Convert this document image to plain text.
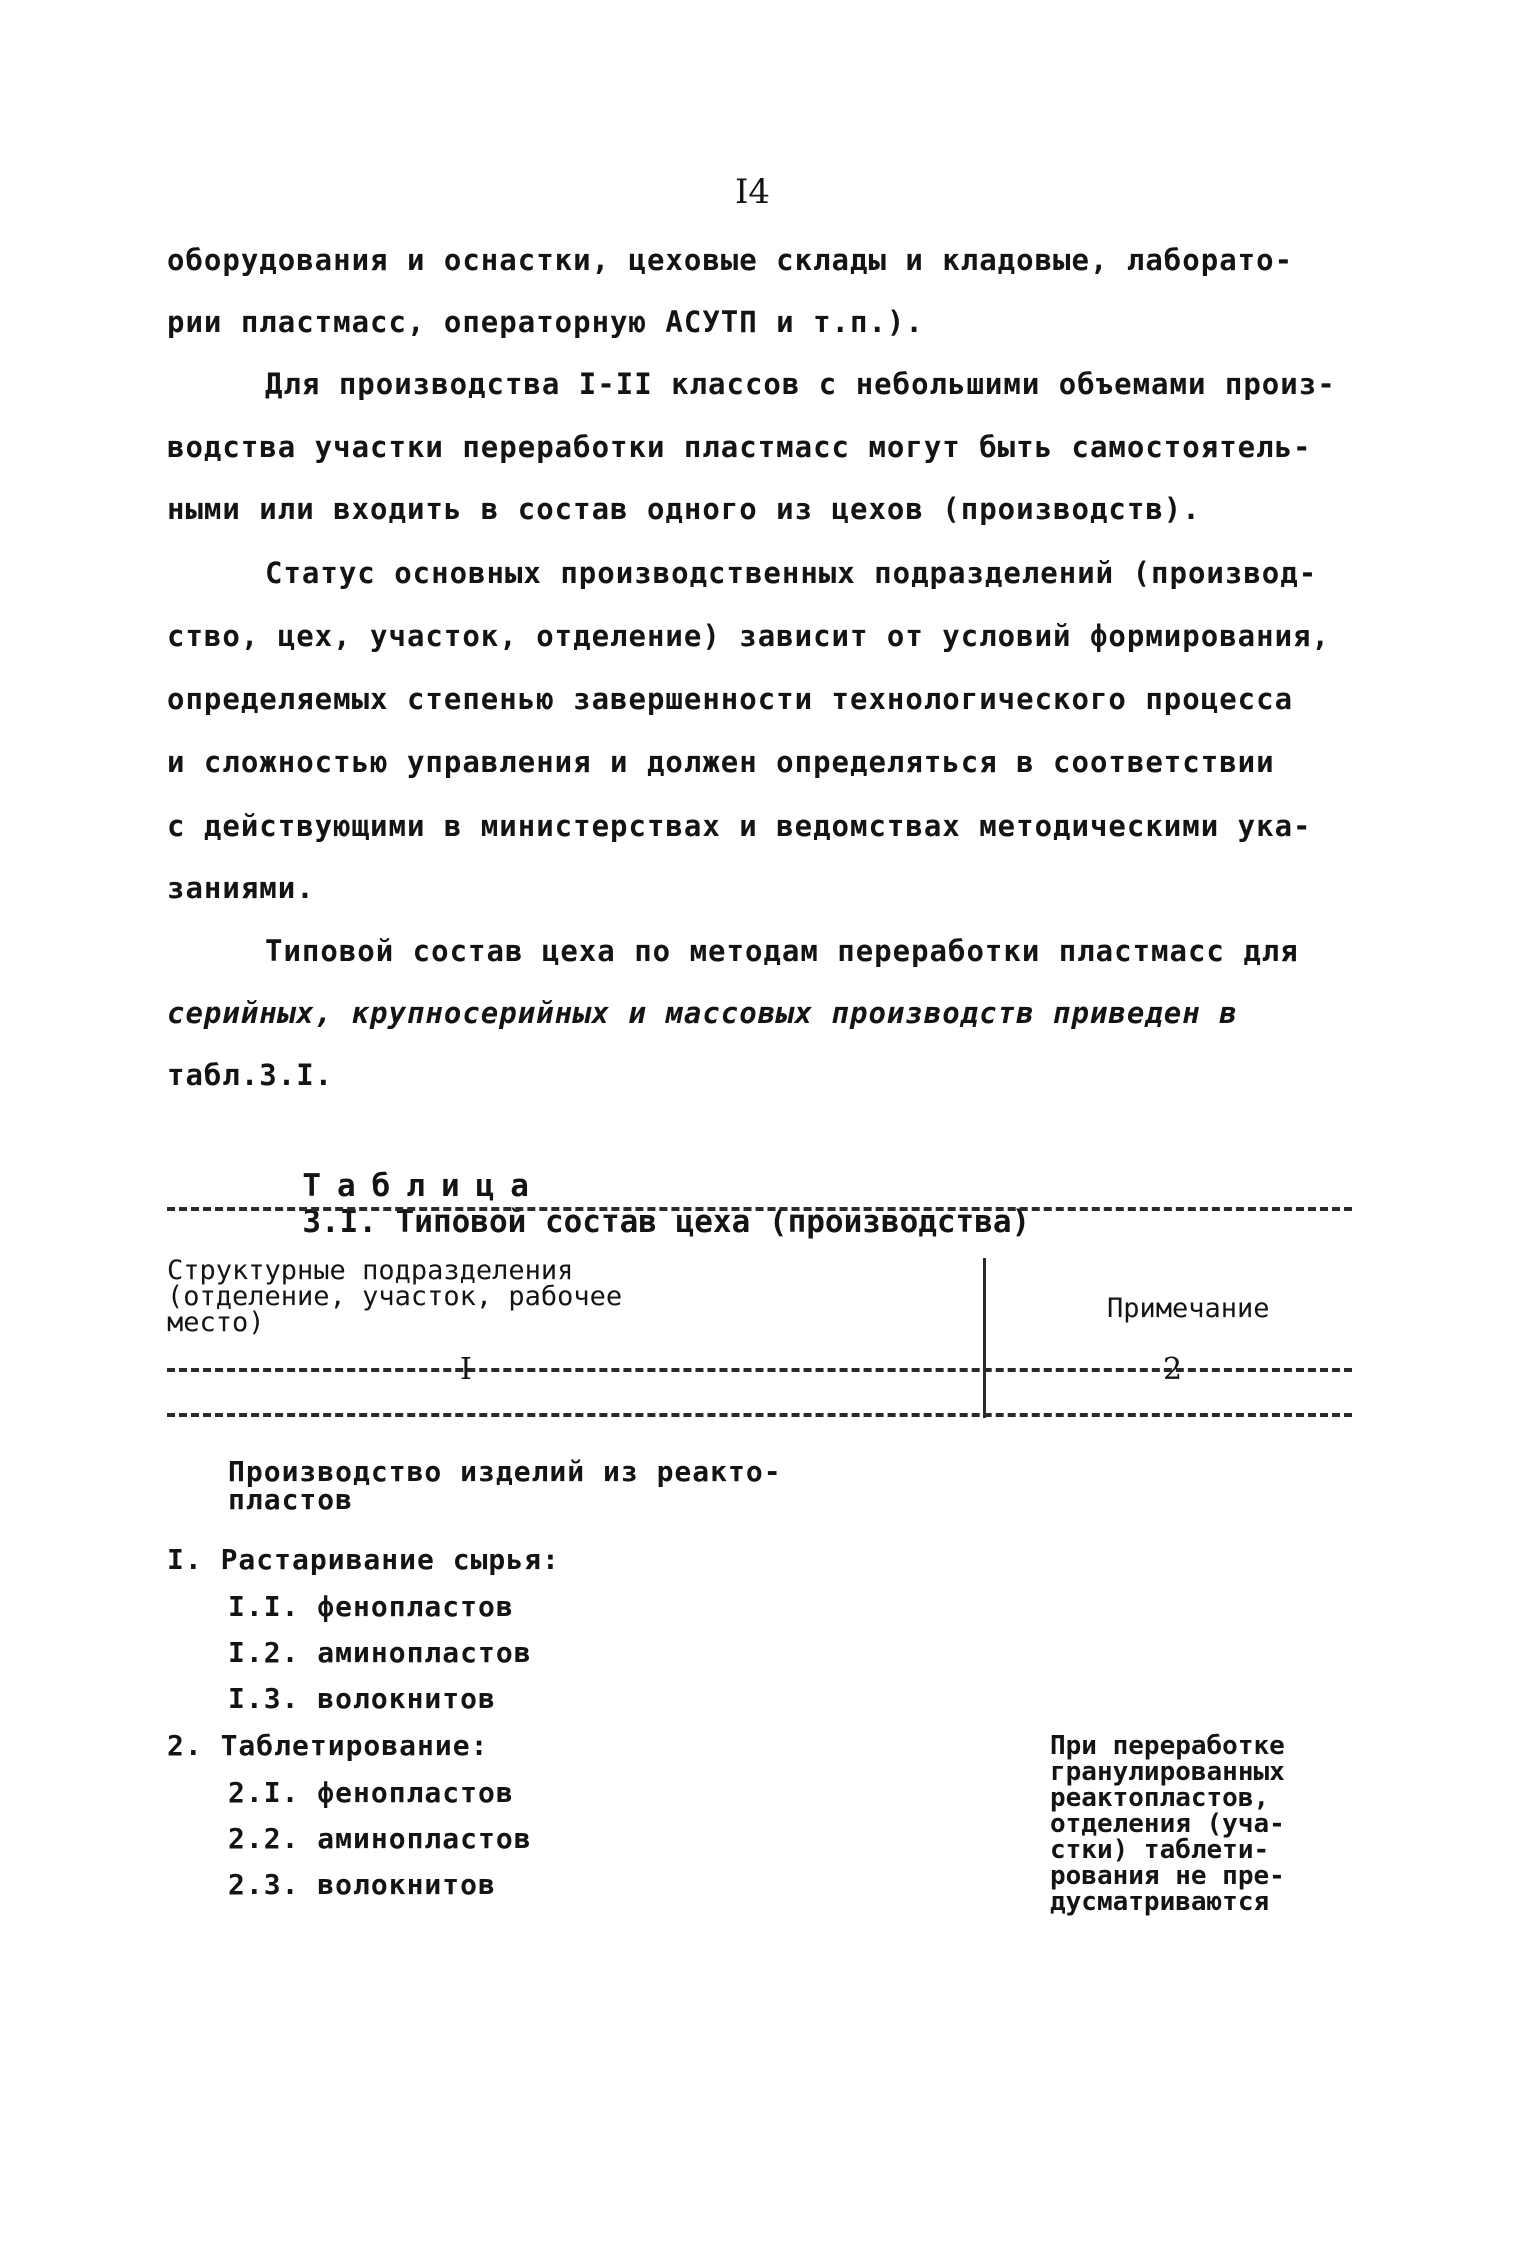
I4
оборудования и оснастки, цеховые склады и кладовые, лаборато-
рии пластмасс, операторную АСУТП и т.п.).
Для производства I-II классов с небольшими объемами произ-
водства участки переработки пластмасс могут быть самостоятель-
ными или входить в состав одного из цехов (производств).
Статус основных производственных подразделений (производ-
ство, цех, участок, отделение) зависит от условий формирования,
определяемых степенью завершенности технологического процесса
и сложностью управления и должен определяться в соответствии
с действующими в министерствах и ведомствах методическими ука-
заниями.
Типовой состав цеха по методам переработки пластмасс для
серийных, крупносерийных и массовых производств приведен в
табл.3.I.

Таблица
3.I. Типовой состав цеха (производства)

Структурные подразделения
(отделение, участок, рабочее
место)	Примечание
I	2
Производство изделий из реакто-
пластов
I. Растаривание сырья:
I.I. фенопластов
I.2. аминопластов
I.3. волокнитов
2. Таблетирование:
2.I. фенопластов
2.2. аминопластов
2.3. волокнитов
При переработке
гранулированных
реактопластов,
отделения (уча-
стки) таблети-
рования не пре-
дусматриваются
